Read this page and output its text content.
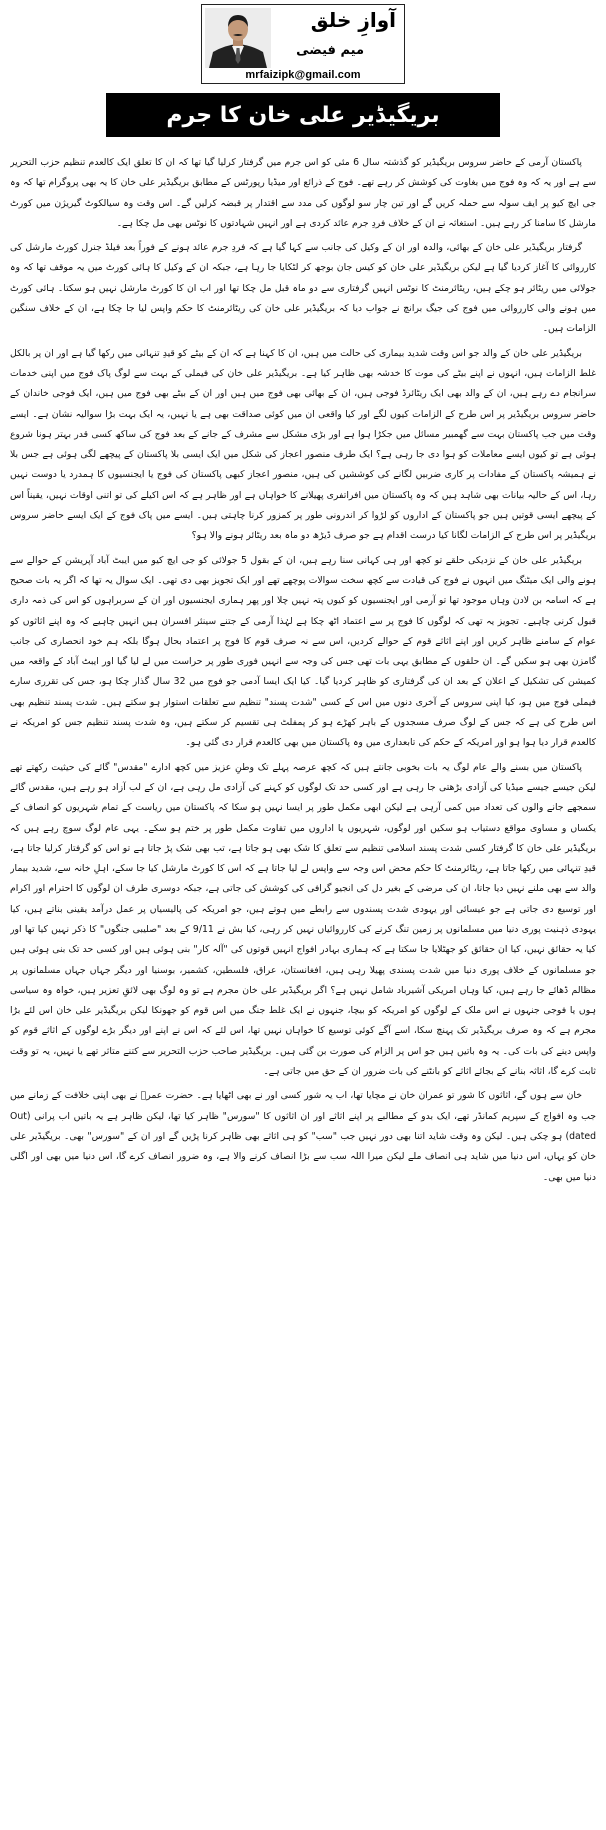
آوازِ خلق
میم فیضی
mrfaizipk@gmail.com
بریگیڈیر علی خان کا جرم

پاکستان آرمی کے حاضر سروس بریگیڈیر کو گذشتہ سال 6 مئی کو اس جرم میں گرفتار کرلیا گیا تھا کہ ان کا تعلق ایک کالعدم تنظیم حزب التحریر سے ہے اور یہ کہ وہ فوج میں بغاوت کی کوشش کر رہے تھے۔ فوج کے ذرائع اور میڈیا رپورٹس کے مطابق بریگیڈیر علی خان کا یہ بھی پروگرام تھا کہ وہ جی ایچ کیو پر ایف سولہ سے حملہ کریں گے اور تین چار سو لوگوں کی مدد سے اقتدار پر قبضہ کرلیں گے۔ اس وقت وہ سیالکوٹ گیریژن میں کورٹ مارشل کا سامنا کر رہے ہیں۔ استغاثہ نے ان کے خلاف فردِ جرم عائد کردی ہے اور انہیں شہادتوں کا نوٹس بھی مل چکا ہے۔

گرفتار بریگیڈیر علی خان کے بھائی، والدہ اور ان کے وکیل کی جانب سے کہا گیا ہے کہ فردِ جرم عائد ہونے کے فوراً بعد فیلڈ جنرل کورٹ مارشل کی کارروائی کا آغاز کردیا گیا ہے لیکن بریگیڈیر علی خان کو کیس جان بوجھ کر لٹکایا جا رہا ہے، جبکہ ان کے وکیل کا ہائی کورٹ میں یہ موقف تھا کہ وہ جولائی میں ریٹائر ہو چکے ہیں، ریٹائرمنٹ کا نوٹس انہیں گرفتاری سے دو ماہ قبل مل چکا تھا اور اب ان کا کورٹ مارشل نہیں ہو سکتا۔ ہائی کورٹ میں ہونے والی کارروائی میں فوج کی جیگ برانچ نے جواب دیا کہ بریگیڈیر علی خان کی ریٹائرمنٹ کا حکم واپس لیا جا چکا ہے، ان کے خلاف سنگین الزامات ہیں۔

بریگیڈیر علی خان کے والد جو اس وقت شدید بیماری کی حالت میں ہیں، ان کا کہنا ہے کہ ان کے بیٹے کو قیدِ تنہائی میں رکھا گیا ہے اور ان پر بالکل غلط الزامات ہیں، انہوں نے اپنے بیٹے کی موت کا خدشہ بھی ظاہر کیا ہے۔ بریگیڈیر علی خان کی فیملی کے بہت سے لوگ پاک فوج میں اپنی خدمات سرانجام دے رہے ہیں، ان کے والد بھی ایک ریٹائرڈ فوجی ہیں، ان کے بھائی بھی فوج میں ہیں اور ان کے بیٹے بھی فوج میں ہیں، ایک فوجی خاندان کے حاضر سروس بریگیڈیر پر اس طرح کے الزامات کیوں لگے اور کیا واقعی ان میں کوئی صداقت بھی ہے یا نہیں، یہ ایک بہت بڑا سوالیہ نشان ہے۔ ایسے وقت میں جب پاکستان بہت سے گھمبیر مسائل میں جکڑا ہوا ہے اور بڑی مشکل سے مشرف کے جانے کے بعد فوج کی ساکھ کسی قدر بہتر ہونا شروع ہوئی ہے تو کیوں ایسے معاملات کو ہوا دی جا رہی ہے؟ ایک طرف منصور اعجاز کی شکل میں ایک ایسی بلا پاکستان کے پیچھے لگی ہوئی ہے جس بلا نے ہمیشہ پاکستان کے مفادات پر کاری ضربیں لگانے کی کوششیں کی ہیں، منصور اعجاز کبھی پاکستان کی فوج یا ایجنسیوں کا ہمدرد یا دوست نہیں رہا، اس کے حالیہ بیانات بھی شاہد ہیں کہ وہ پاکستان میں افراتفری پھیلانے کا خواہاں ہے اور ظاہر ہے کہ اس اکیلے کی تو اتنی اوقات نہیں، یقیناً اس کے پیچھے ایسی قوتیں ہیں جو پاکستان کے اداروں کو لڑوا کر اندرونی طور پر کمزور کرنا چاہتی ہیں۔ ایسے میں پاک فوج کے ایک ایسے حاضر سروس بریگیڈیر پر اس طرح کے الزامات لگانا کیا درست اقدام ہے جو صرف ڈیڑھ دو ماہ بعد ریٹائر ہونے والا ہو؟

بریگیڈیر علی خان کے نزدیکی حلقے تو کچھ اور ہی کہانی سنا رہے ہیں، ان کے بقول 5 جولائی کو جی ایچ کیو میں ایبٹ آباد آپریشن کے حوالے سے ہونے والی ایک میٹنگ میں انہوں نے فوج کی قیادت سے کچھ سخت سوالات پوچھے تھے اور ایک تجویز بھی دی تھی۔ ایک سوال یہ تھا کہ اگر یہ بات صحیح ہے کہ اسامہ بن لادن وہاں موجود تھا تو آرمی اور ایجنسیوں کو کیوں پتہ نہیں چلا اور پھر ہماری ایجنسیوں اور ان کے سربراہوں کو اس کی ذمہ داری قبول کرنی چاہیے۔ تجویز یہ تھی کہ لوگوں کا فوج پر سے اعتماد اٹھ چکا ہے لہٰذا آرمی کے جتنے سینئر افسران ہیں انہیں چاہیے کہ وہ اپنے اثاثوں کو عوام کے سامنے ظاہر کریں اور اپنے اثاثے قوم کے حوالے کردیں، اس سے نہ صرف قوم کا فوج پر اعتماد بحال ہوگا بلکہ ہم خود انحصاری کی جانب گامزن بھی ہو سکیں گے۔ ان حلقوں کے مطابق یہی بات تھی جس کی وجہ سے انہیں فوری طور پر حراست میں لے لیا گیا اور ایبٹ آباد کے واقعہ میں کمیشن کی تشکیل کے اعلان کے بعد ان کی گرفتاری کو ظاہر کردیا گیا۔ کیا ایک ایسا آدمی جو فوج میں 32 سال گذار چکا ہو، جس کی تقرری سارے فیملی فوج میں ہو، کیا اپنی سروس کے آخری دنوں میں اس کے کسی "شدت پسند" تنظیم سے تعلقات استوار ہو سکتے ہیں۔ شدت پسند تنظیم بھی اس طرح کی ہے کہ جس کے لوگ صرف مسجدوں کے باہر کھڑے ہو کر پمفلٹ ہی تقسیم کر سکتے ہیں، وہ شدت پسند تنظیم جس کو امریکہ نے کالعدم قرار دیا ہوا ہو اور امریکہ کے حکم کی تابعداری میں وہ پاکستان میں بھی کالعدم قرار دی گئی ہو۔

پاکستان میں بسنے والے عام لوگ یہ بات بخوبی جانتے ہیں کہ کچھ عرصہ پہلے تک وطنِ عزیز میں کچھ ادارے "مقدس" گائے کی حیثیت رکھتے تھے لیکن جیسے جیسے میڈیا کی آزادی بڑھتی جا رہی ہے اور کسی حد تک لوگوں کو کہنے کی آزادی مل رہی ہے، ان کے لب آزاد ہو رہے ہیں، مقدس گائے سمجھے جانے والوں کی تعداد میں کمی آرہی ہے لیکن ابھی مکمل طور پر ایسا نہیں ہو سکا کہ پاکستان میں ریاست کے تمام شہریوں کو انصاف کے یکساں و مساوی مواقع دستیاب ہو سکیں اور لوگوں، شہریوں یا اداروں میں تفاوت مکمل طور پر ختم ہو سکے۔ یہی عام لوگ سوچ رہے ہیں کہ بریگیڈیر علی خان کا گرفتار کسی شدت پسند اسلامی تنظیم سے تعلق کا شک بھی ہو جاتا ہے، تب بھی شک پڑ جاتا ہے تو اس کو گرفتار کرلیا جاتا ہے، قیدِ تنہائی میں رکھا جاتا ہے، ریٹائرمنٹ کا حکم محض اس وجہ سے واپس لے لیا جاتا ہے کہ اس کا کورٹ مارشل کیا جا سکے، اہلِ خانہ سے، شدید بیمار والد سے بھی ملنے نہیں دیا جاتا، ان کی مرضی کے بغیر دل کی انجیو گرافی کی کوشش کی جاتی ہے، جبکہ دوسری طرف ان لوگوں کا احترام اور اکرام اور توسیع دی جاتی ہے جو عیسائی اور یہودی شدت پسندوں سے رابطے میں ہوتے ہیں، جو امریکہ کی پالیسیاں پر عمل درآمد یقینی بناتے ہیں، کیا یہودی ذہنیت پوری دنیا میں مسلمانوں پر زمین تنگ کرنے کی کارروائیاں نہیں کر رہی، کیا بش نے 9/11 کے بعد "صلیبی جنگوں" کا ذکر نہیں کیا تھا اور کیا یہ حقائق نہیں، کیا ان حقائق کو جھٹلایا جا سکتا ہے کہ ہماری بہادر افواج انہیں قوتوں کی "آلہ کار" بنی ہوئی ہیں اور کسی حد تک بنی ہوئی ہیں جو مسلمانوں کے خلاف پوری دنیا میں شدت پسندی پھیلا رہی ہیں، افغانستان، عراق، فلسطین، کشمیر، بوسنیا اور دیگر جہاں جہاں مسلمانوں پر مظالم ڈھائے جا رہے ہیں، کیا وہاں امریکی آشیرباد شامل نہیں ہے؟ اگر بریگیڈیر علی خان مجرم ہے تو وہ لوگ بھی لائقِ تعزیر ہیں، خواہ وہ سیاسی ہوں یا فوجی جنہوں نے اس ملک کے لوگوں کو امریکہ کو بیچا، جنہوں نے ایک غلط جنگ میں اس قوم کو جھونکا لیکن بریگیڈیر علی خان اس لئے بڑا مجرم ہے کہ وہ صرف بریگیڈیر تک پہنچ سکا، اسے آگے کوئی توسیع کا خواہاں نہیں تھا، اس لئے کہ اس نے اپنے اور دیگر بڑے لوگوں کے اثاثے قوم کو واپس دینے کی بات کی۔ یہ وہ باتیں ہیں جو اس پر الزام کی صورت بن گئی ہیں۔ بریگیڈیر صاحب حزب التحریر سے کتنے متاثر تھے یا نہیں، یہ تو وقت ثابت کرے گا، اثاثہ بنانے کے بجائے اثاثے کو بانٹنے کی بات ضرور ان کے حق میں جاتی ہے۔

خان سے ہوں گے، اثاثوں کا شور تو عمران خان نے مچایا تھا، اب یہ شور کسی اور نے بھی اٹھایا ہے۔ حضرت عمرؓ نے بھی اپنی خلافت کے زمانے میں جب وہ افواج کے سپریم کمانڈر تھے، ایک بدو کے مطالبے پر اپنے اثاثے اور ان اثاثوں کا "سورس" ظاہر کیا تھا، لیکن ظاہر ہے یہ باتیں اب پرانی (Out dated) ہو چکی ہیں۔ لیکن وہ وقت شاید اتنا بھی دور نہیں جب "سب" کو ہی اثاثے بھی ظاہر کرنا پڑیں گے اور ان کے "سورس" بھی۔ بریگیڈیر علی خان کو یہاں، اس دنیا میں شاید ہی انصاف ملے لیکن میرا اللہ سب سے بڑا انصاف کرنے والا ہے، وہ ضرور انصاف کرے گا، اس دنیا میں بھی اور اگلی دنیا میں بھی۔
